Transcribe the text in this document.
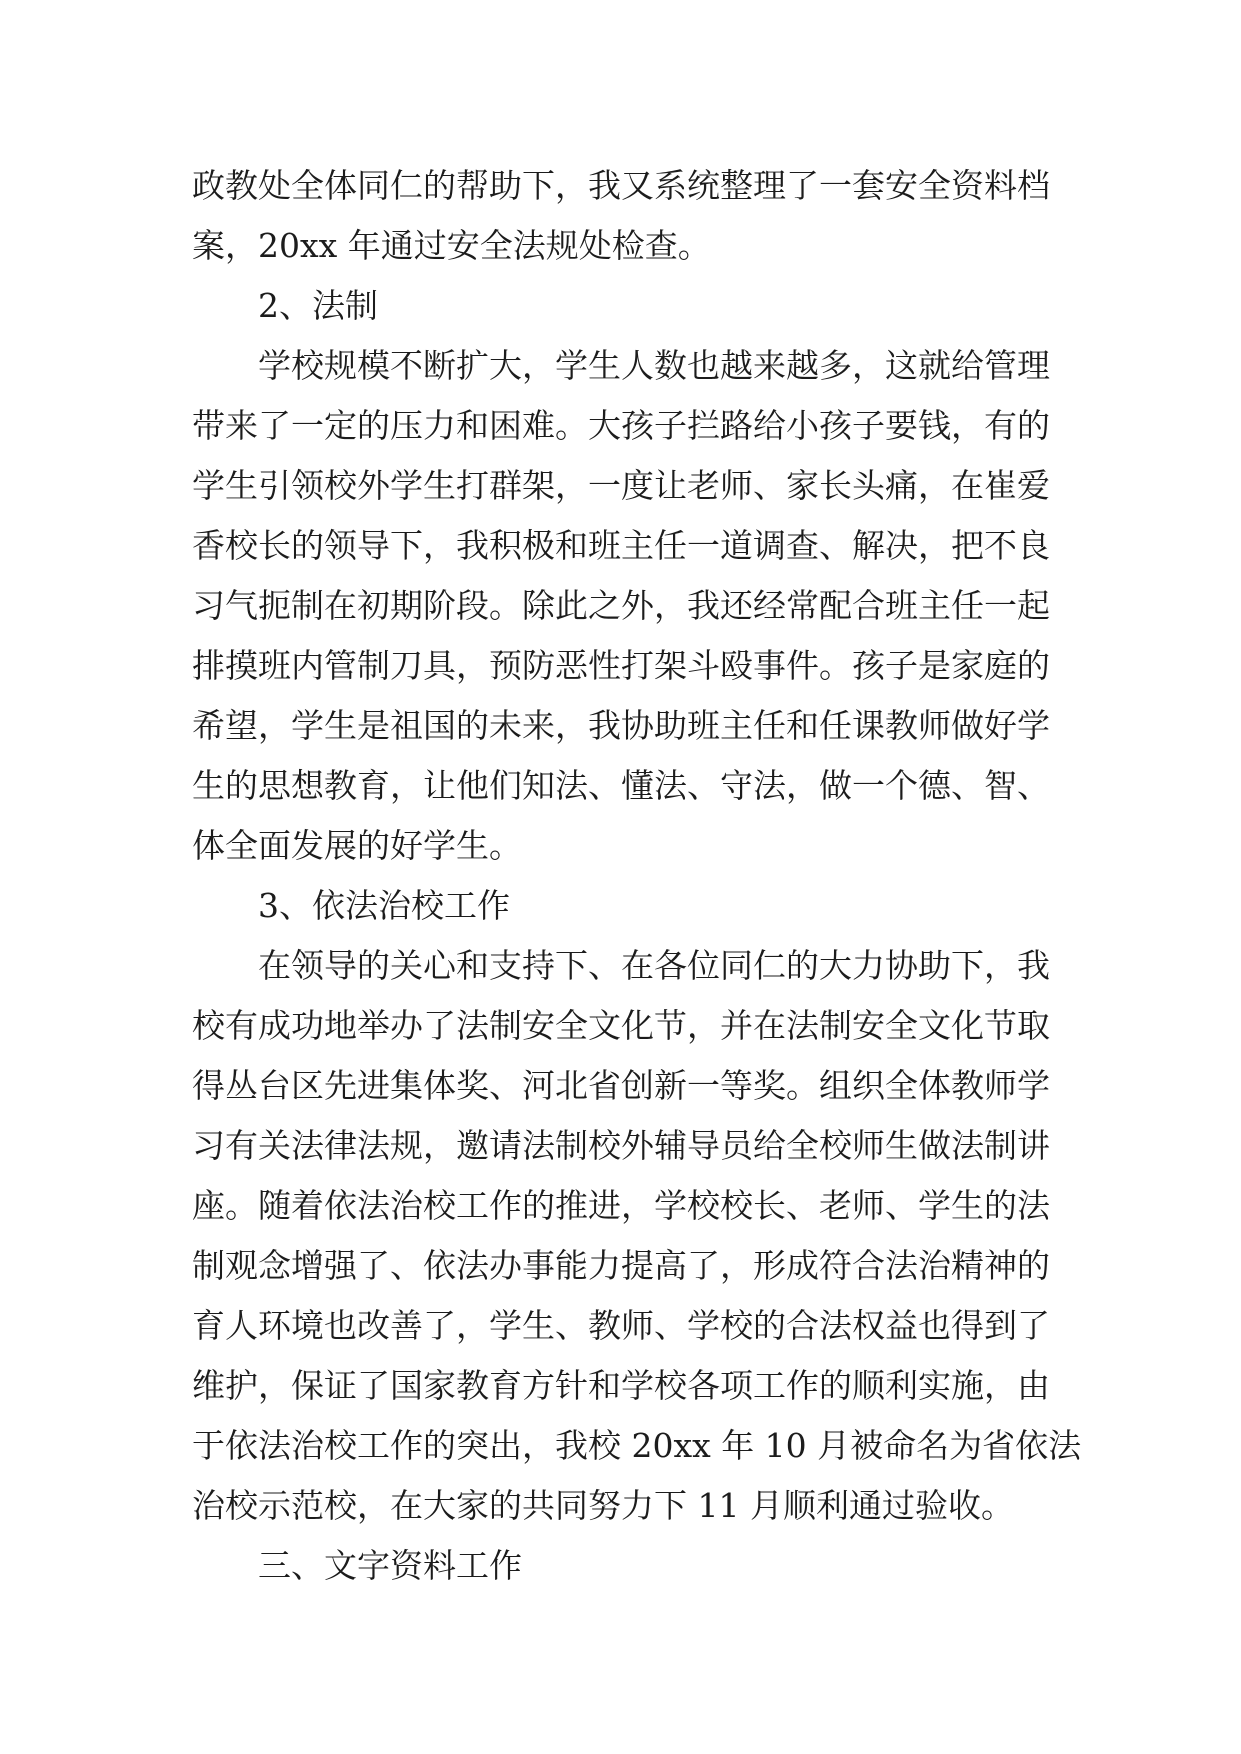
政教处全体同仁的帮助下，我又系统整理了一套安全资料档
案，20xx 年通过安全法规处检查。
2、法制
学校规模不断扩大，学生人数也越来越多，这就给管理
带来了一定的压力和困难。大孩子拦路给小孩子要钱，有的
学生引领校外学生打群架，一度让老师、家长头痛，在崔爱
香校长的领导下，我积极和班主任一道调查、解决，把不良
习气扼制在初期阶段。除此之外，我还经常配合班主任一起
排摸班内管制刀具，预防恶性打架斗殴事件。孩子是家庭的
希望，学生是祖国的未来，我协助班主任和任课教师做好学
生的思想教育，让他们知法、懂法、守法，做一个德、智、
体全面发展的好学生。
3、依法治校工作
在领导的关心和支持下、在各位同仁的大力协助下，我
校有成功地举办了法制安全文化节，并在法制安全文化节取
得丛台区先进集体奖、河北省创新一等奖。组织全体教师学
习有关法律法规，邀请法制校外辅导员给全校师生做法制讲
座。随着依法治校工作的推进，学校校长、老师、学生的法
制观念增强了、依法办事能力提高了，形成符合法治精神的
育人环境也改善了，学生、教师、学校的合法权益也得到了
维护，保证了国家教育方针和学校各项工作的顺利实施，由
于依法治校工作的突出，我校 20xx 年 10 月被命名为省依法
治校示范校，在大家的共同努力下 11 月顺利通过验收。
三、文字资料工作
